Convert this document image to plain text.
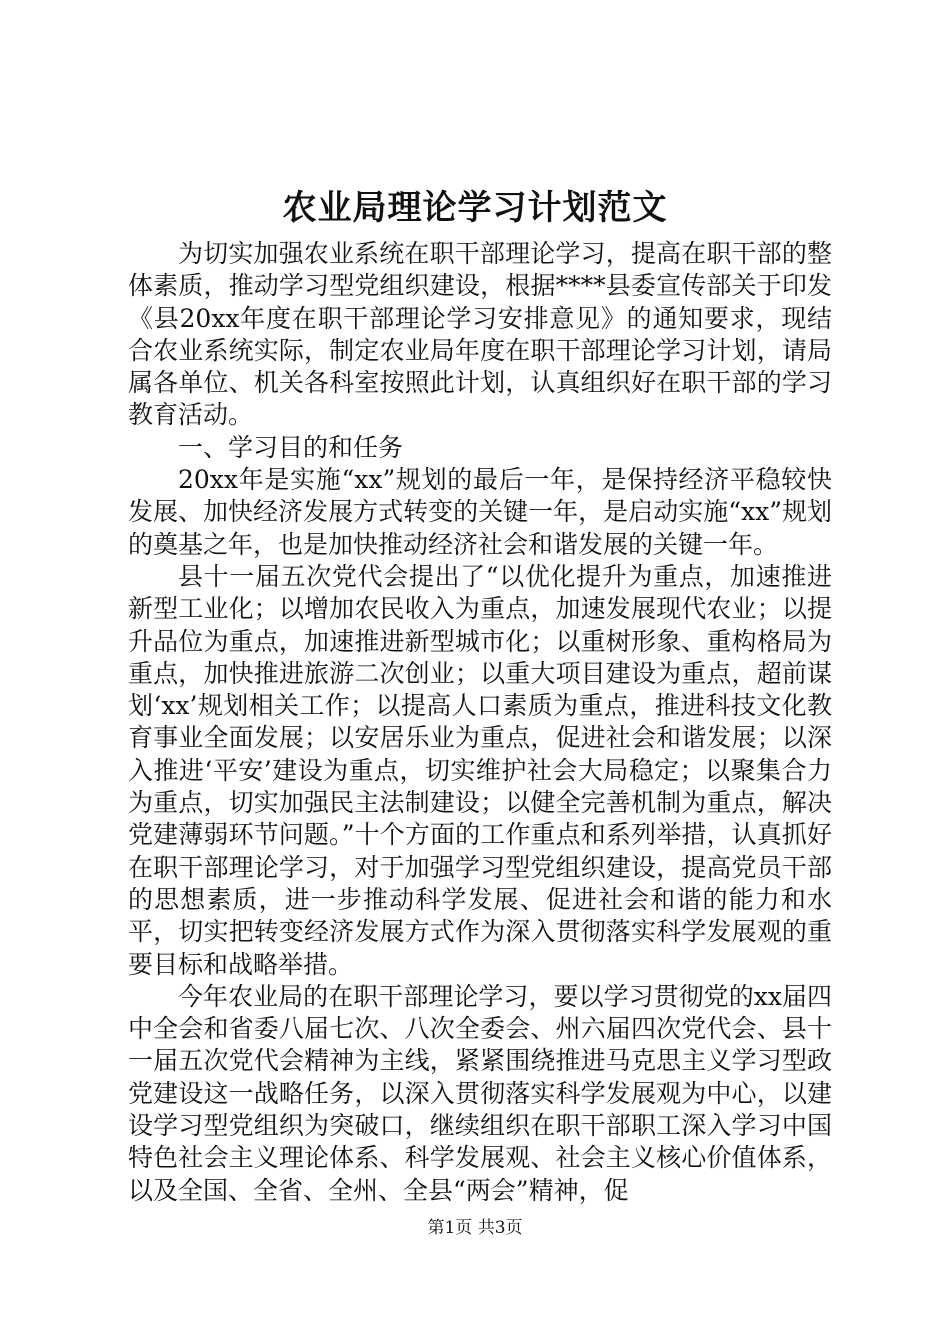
农业局理论学习计划范文

为切实加强农业系统在职干部理论学习，提高在职干部的整体素质，推动学习型党组织建设，根据****县委宣传部关于印发《县20xx年度在职干部理论学习安排意见》的通知要求，现结合农业系统实际，制定农业局年度在职干部理论学习计划，请局属各单位、机关各科室按照此计划，认真组织好在职干部的学习教育活动。

一、学习目的和任务

20xx年是实施“xx”规划的最后一年，是保持经济平稳较快发展、加快经济发展方式转变的关键一年，是启动实施“xx”规划的奠基之年，也是加快推动经济社会和谐发展的关键一年。

县十一届五次党代会提出了“以优化提升为重点，加速推进新型工业化；以增加农民收入为重点，加速发展现代农业；以提升品位为重点，加速推进新型城市化；以重树形象、重构格局为重点，加快推进旅游二次创业；以重大项目建设为重点，超前谋划‘xx’规划相关工作；以提高人口素质为重点，推进科技文化教育事业全面发展；以安居乐业为重点，促进社会和谐发展；以深入推进‘平安’建设为重点，切实维护社会大局稳定；以聚集合力为重点，切实加强民主法制建设；以健全完善机制为重点，解决党建薄弱环节问题。”十个方面的工作重点和系列举措，认真抓好在职干部理论学习，对于加强学习型党组织建设，提高党员干部的思想素质，进一步推动科学发展、促进社会和谐的能力和水平，切实把转变经济发展方式作为深入贯彻落实科学发展观的重要目标和战略举措。

今年农业局的在职干部理论学习，要以学习贯彻党的xx届四中全会和省委八届七次、八次全委会、州六届四次党代会、县十一届五次党代会精神为主线，紧紧围绕推进马克思主义学习型政党建设这一战略任务，以深入贯彻落实科学发展观为中心，以建设学习型党组织为突破口，继续组织在职干部职工深入学习中国特色社会主义理论体系、科学发展观、社会主义核心价值体系，以及全国、全省、全州、全县“两会”精神，促

第1页 共3页
